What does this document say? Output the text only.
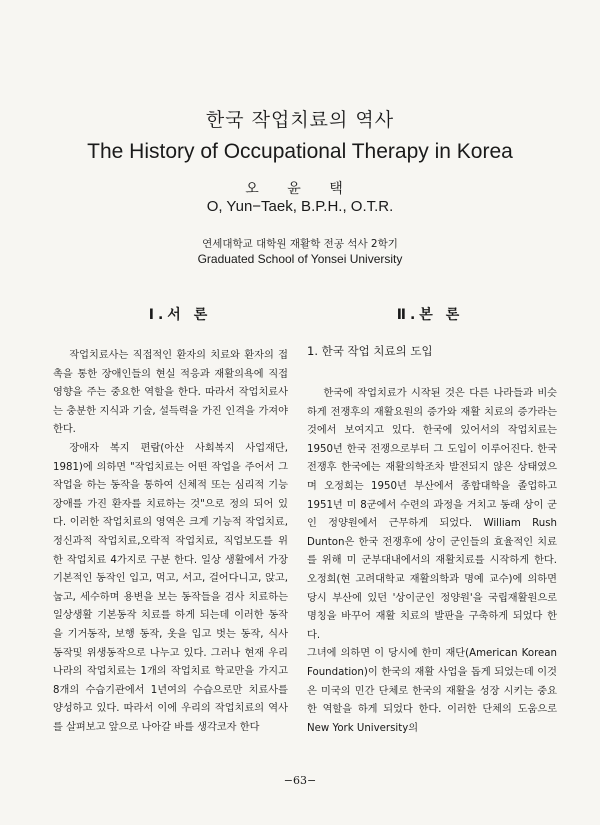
한국 작업치료의 역사
The History of Occupational Therapy in Korea
오 윤 택
O, Yun−Taek, B.P.H., O.T.R.
연세대학교 대학원 재활학 전공 석사 2학기
Graduated School of Yonsei University
Ⅰ.서 론	Ⅱ.본 론

작업치료사는 직접적인 환자의 치료와 환자의 접촉을 통한 장애인들의 현실 적응과 재활의욕에 직접 영향을 주는 중요한 역할을 한다. 따라서 작업치료사는 충분한 지식과 기술, 설득력을 가진 인격을 가져야 한다.

장애자 복지 편람(아산 사회복지 사업재단, 1981)에 의하면 "작업치료는 어떤 작업을 주어서 그 작업을 하는 동작을 통하여 신체적 또는 심리적 기능장애를 가진 환자를 치료하는 것"으로 정의 되어 있다. 이러한 작업치료의 영역은 크게 기능적 작업치료, 정신과적 작업치료,오락적 작업치료, 직업보도를 위한 작업치료 4가지로 구분 한다. 일상 생활에서 가장 기본적인 동작인 입고, 먹고, 서고, 걸어다니고, 앉고, 눕고, 세수하며 용변을 보는 동작들을 검사 치료하는 일상생활 기본동작 치료를 하게 되는데 이러한 동작을 기거동작, 보행 동작, 옷을 입고 벗는 동작, 식사 동작및 위생동작으로 나누고 있다. 그러나 현재 우리나라의 작업치료는 1개의 작업치료 학교만을 가지고 8개의 수습기관에서 1년여의 수습으로만 치료사를 양성하고 있다. 따라서 이에 우리의 작업치료의 역사를 살펴보고 앞으로 나아갈 바를 생각코자 한다

1. 한국 작업 치료의 도입

한국에 작업치료가 시작된 것은 다른 나라들과 비슷하게 전쟁후의 재활요원의 증가와 재활 치료의 증가라는 것에서 보여지고 있다. 한국에 있어서의 작업치료는 1950년 한국 전쟁으로부터 그 도입이 이루어진다. 한국전쟁후 한국에는 재활의학조차 발전되지 않은 상태였으며 오정희는 1950년 부산에서 종합대학을 졸업하고 1951년 미 8군에서 수련의 과정을 거치고 동래 상이 군인 정양원에서 근무하게 되었다. William Rush Dunton은 한국 전쟁후에 상이 군인들의 효율적인 치료를 위해 미 군부대내에서의 재활치료를 시작하게 한다. 오정희(현 고려대학교 재활의학과 명예 교수)에 의하면 당시 부산에 있던 '상이군인 정양원'을 국립재활원으로 명칭을 바꾸어 재활 치료의 발판을 구축하게 되었다 한다.

그녀에 의하면 이 당시에 한미 재단(American Korean Foundation)이 한국의 재활 사업을 돕게 되었는데 이것은 미국의 민간 단체로 한국의 재활을 성장 시키는 중요한 역할을 하게 되었다 한다. 이러한 단체의 도움으로 New York University의

−63−
